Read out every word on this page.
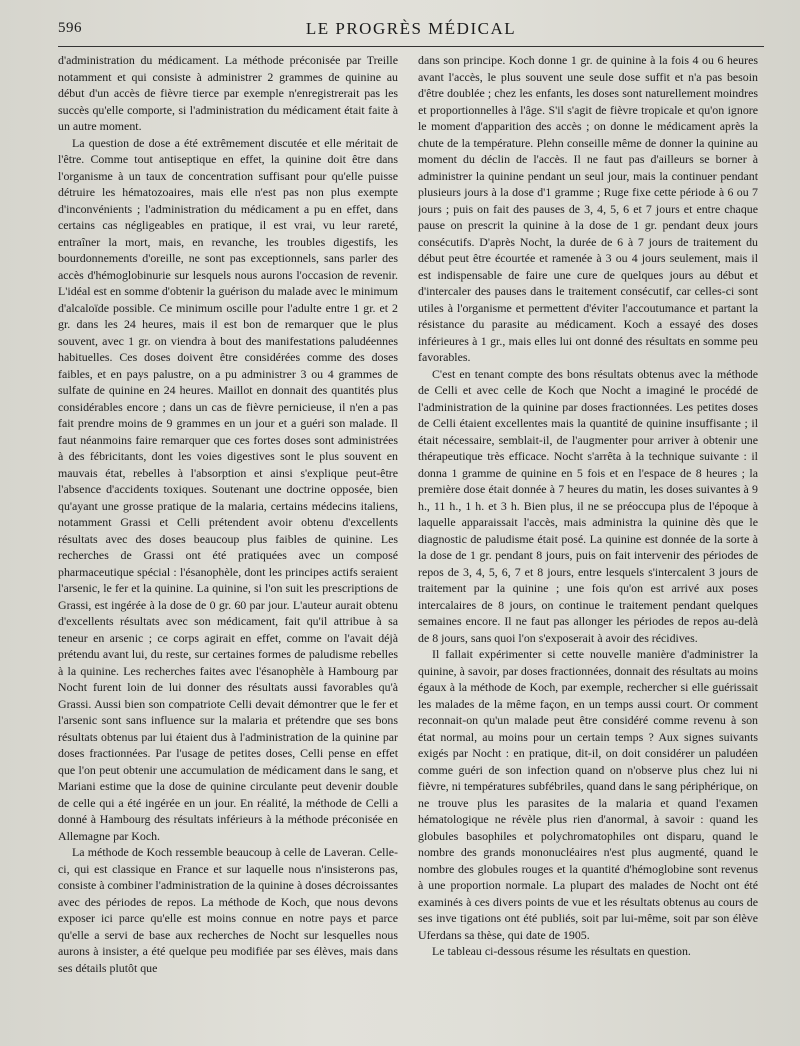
596	LE PROGRÈS MÉDICAL

d'administration du médicament. La méthode préconisée par Treille notamment et qui consiste à administrer 2 grammes de quinine au début d'un accès de fièvre tierce par exemple n'enregistrerait pas les succès qu'elle comporte, si l'administration du médicament était faite à un autre moment.

La question de dose a été extrêmement discutée et elle méritait de l'être. Comme tout antiseptique en effet, la quinine doit être dans l'organisme à un taux de concentration suffisant pour qu'elle puisse détruire les hématozoaires, mais elle n'est pas non plus exempte d'inconvénients ; l'administration du médicament a pu en effet, dans certains cas négligeables en pratique, il est vrai, vu leur rareté, entraîner la mort, mais, en revanche, les troubles digestifs, les bourdonnements d'oreille, ne sont pas exceptionnels, sans parler des accès d'hémoglobinurie sur lesquels nous aurons l'occasion de revenir. L'idéal est en somme d'obtenir la guérison du malade avec le minimum d'alcaloïde possible. Ce minimum oscille pour l'adulte entre 1 gr. et 2 gr. dans les 24 heures, mais il est bon de remarquer que le plus souvent, avec 1 gr. on viendra à bout des manifestations paludéennes habituelles. Ces doses doivent être considérées comme des doses faibles, et en pays palustre, on a pu administrer 3 ou 4 grammes de sulfate de quinine en 24 heures. Maillot en donnait des quantités plus considérables encore ; dans un cas de fièvre pernicieuse, il n'en a pas fait prendre moins de 9 grammes en un jour et a guéri son malade. Il faut néanmoins faire remarquer que ces fortes doses sont administrées à des fébricitants, dont les voies digestives sont le plus souvent en mauvais état, rebelles à l'absorption et ainsi s'explique peut-être l'absence d'accidents toxiques. Soutenant une doctrine opposée, bien qu'ayant une grosse pratique de la malaria, certains médecins italiens, notamment Grassi et Celli prétendent avoir obtenu d'excellents résultats avec des doses beaucoup plus faibles de quinine. Les recherches de Grassi ont été pratiquées avec un composé pharmaceutique spécial : l'ésanophèle, dont les principes actifs seraient l'arsenic, le fer et la quinine. La quinine, si l'on suit les prescriptions de Grassi, est ingérée à la dose de 0 gr. 60 par jour. L'auteur aurait obtenu d'excellents résultats avec son médicament, fait qu'il attribue à sa teneur en arsenic ; ce corps agirait en effet, comme on l'avait déjà prétendu avant lui, du reste, sur certaines formes de paludisme rebelles à la quinine. Les recherches faites avec l'ésanophèle à Hambourg par Nocht furent loin de lui donner des résultats aussi favorables qu'à Grassi. Aussi bien son compatriote Celli devait démontrer que le fer et l'arsenic sont sans influence sur la malaria et prétendre que ses bons résultats obtenus par lui étaient dus à l'administration de la quinine par doses fractionnées. Par l'usage de petites doses, Celli pense en effet que l'on peut obtenir une accumulation de médicament dans le sang, et Mariani estime que la dose de quinine circulante peut devenir double de celle qui a été ingérée en un jour. En réalité, la méthode de Celli a donné à Hambourg des résultats inférieurs à la méthode préconisée en Allemagne par Koch.

La méthode de Koch ressemble beaucoup à celle de Laveran. Celle-ci, qui est classique en France et sur laquelle nous n'insisterons pas, consiste à combiner l'administration de la quinine à doses décroissantes avec des périodes de repos. La méthode de Koch, que nous devons exposer ici parce qu'elle est moins connue en notre pays et parce qu'elle a servi de base aux recherches de Nocht sur lesquelles nous aurons à insister, a été quelque peu modifiée par ses élèves, mais dans ses détails plutôt que

dans son principe. Koch donne 1 gr. de quinine à la fois 4 ou 6 heures avant l'accès, le plus souvent une seule dose suffit et n'a pas besoin d'être doublée ; chez les enfants, les doses sont naturellement moindres et proportionnelles à l'âge. S'il s'agit de fièvre tropicale et qu'on ignore le moment d'apparition des accès ; on donne le médicament après la chute de la température. Plehn conseille même de donner la quinine au moment du déclin de l'accès. Il ne faut pas d'ailleurs se borner à administrer la quinine pendant un seul jour, mais la continuer pendant plusieurs jours à la dose d'1 gramme ; Ruge fixe cette période à 6 ou 7 jours ; puis on fait des pauses de 3, 4, 5, 6 et 7 jours et entre chaque pause on prescrit la quinine à la dose de 1 gr. pendant deux jours consécutifs. D'après Nocht, la durée de 6 à 7 jours de traitement du début peut être écourtée et ramenée à 3 ou 4 jours seulement, mais il est indispensable de faire une cure de quelques jours au début et d'intercaler des pauses dans le traitement consécutif, car celles-ci sont utiles à l'organisme et permettent d'éviter l'accoutumance et partant la résistance du parasite au médicament. Koch a essayé des doses inférieures à 1 gr., mais elles lui ont donné des résultats en somme peu favorables.

C'est en tenant compte des bons résultats obtenus avec la méthode de Celli et avec celle de Koch que Nocht a imaginé le procédé de l'administration de la quinine par doses fractionnées. Les petites doses de Celli étaient excellentes mais la quantité de quinine insuffisante ; il était nécessaire, semblait-il, de l'augmenter pour arriver à obtenir une thérapeutique très efficace. Nocht s'arrêta à la technique suivante : il donna 1 gramme de quinine en 5 fois et en l'espace de 8 heures ; la première dose était donnée à 7 heures du matin, les doses suivantes à 9 h., 11 h., 1 h. et 3 h. Bien plus, il ne se préoccupa plus de l'époque à laquelle apparaissait l'accès, mais administra la quinine dès que le diagnostic de paludisme était posé. La quinine est donnée de la sorte à la dose de 1 gr. pendant 8 jours, puis on fait intervenir des périodes de repos de 3, 4, 5, 6, 7 et 8 jours, entre lesquels s'intercalent 3 jours de traitement par la quinine ; une fois qu'on est arrivé aux poses intercalaires de 8 jours, on continue le traitement pendant quelques semaines encore. Il ne faut pas allonger les périodes de repos au-delà de 8 jours, sans quoi l'on s'exposerait à avoir des récidives.

Il fallait expérimenter si cette nouvelle manière d'administrer la quinine, à savoir, par doses fractionnées, donnait des résultats au moins égaux à la méthode de Koch, par exemple, rechercher si elle guérissait les malades de la même façon, en un temps aussi court. Or comment reconnait-on qu'un malade peut être considéré comme revenu à son état normal, au moins pour un certain temps ? Aux signes suivants exigés par Nocht : en pratique, dit-il, on doit considérer un paludéen comme guéri de son infection quand on n'observe plus chez lui ni fièvre, ni températures subfébriles, quand dans le sang périphérique, on ne trouve plus les parasites de la malaria et quand l'examen hématologique ne révèle plus rien d'anormal, à savoir : quand les globules basophiles et polychromatophiles ont disparu, quand le nombre des grands mononucléaires n'est plus augmenté, quand le nombre des globules rouges et la quantité d'hémoglobine sont revenus à une proportion normale. La plupart des malades de Nocht ont été examinés à ces divers points de vue et les résultats obtenus au cours de ses inve tigations ont été publiés, soit par lui-même, soit par son élève Uferdans sa thèse, qui date de 1905.

Le tableau ci-dessous résume les résultats en question.
